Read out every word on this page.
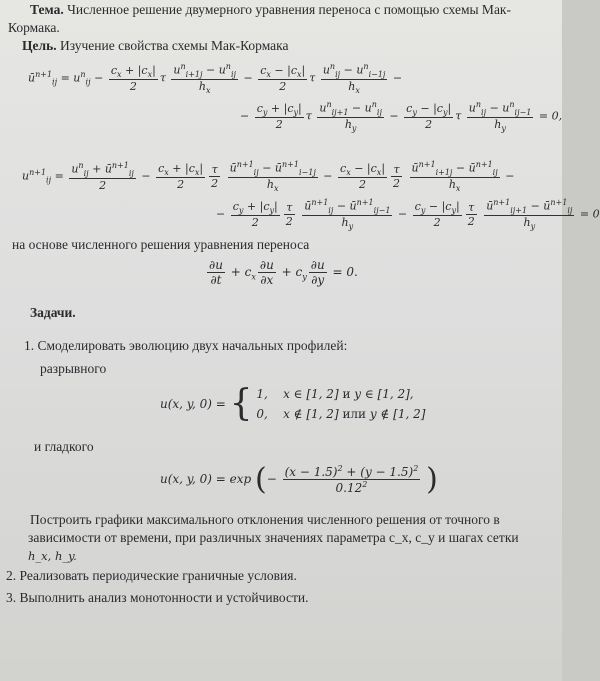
Тема. Численное решение двумерного уравнения переноса с помощью схемы Мак-
Кормака.
Цель. Изучение свойства схемы Мак-Кормака
$ū^{n+1}_{ij} = u^n_{ij} - \frac{c_x + |c_x|}{2}$ τ $\frac{u^n_{i+1j} - u^n_{ij}}{h_x} - \frac{c_x - |c_x|}{2}$ τ $\frac{u^n_{ij} - u^n_{i-1j}}{h_x}$ −
− $\frac{c_y + |c_y|}{2}$ τ $\frac{u^n_{ij+1} - u^n_{ij}}{h_y} - \frac{c_y - |c_y|}{2}$ τ $\frac{u^n_{ij} - u^n_{ij-1}}{h_y} = 0$,
$u^{n+1}_{ij} = \frac{u^n_{ij} + ū^{n+1}_{ij}}{2} - \frac{c_x + |c_x|}{2} \frac{\tau}{2}$
$\frac{ū^{n+1}_{ij} - ū^{n+1}_{i-1j}}{h_x} - \frac{c_x - |c_x|}{2} \frac{\tau}{2}$
$\frac{ū^{n+1}_{i+1j} - ū^{n+1}_{ij}}{h_x}$ −
− $\frac{c_y + |c_y|}{2} \frac{\tau}{2}$
$\frac{ū^{n+1}_{ij} - ū^{n+1}_{ij-1}}{h_y} - \frac{c_y - |c_y|}{2} \frac{\tau}{2}$
$\frac{ū^{n+1}_{ij+1} - ū^{n+1}_{ij}}{h_y} = 0$
на основе численного решения уравнения переноса
$\frac{\partial u}{\partial t} + c_x \frac{\partial u}{\partial x} + c_y \frac{\partial u}{\partial y} = 0$.
Задачи.
1. Смоделировать эволюцию двух начальных профилей:
разрывного
u(x, y, 0) = { 1,    x ∈ [1, 2] и y ∈ [1, 2],
0,    x ∉ [1, 2] или y ∉ [1, 2]
и гладкого
u(x, y, 0) = exp (− $\frac{(x - 1.5)^2 + (y - 1.5)^2}{0.12^2}$ )
Построить графики максимального отклонения численного решения от точного в
зависимости от времени, при различных значениях параметра c_x, c_y и шагах сетки
h_x, h_y.
2. Реализовать периодические граничные условия.
3. Выполнить анализ монотонности и устойчивости.
